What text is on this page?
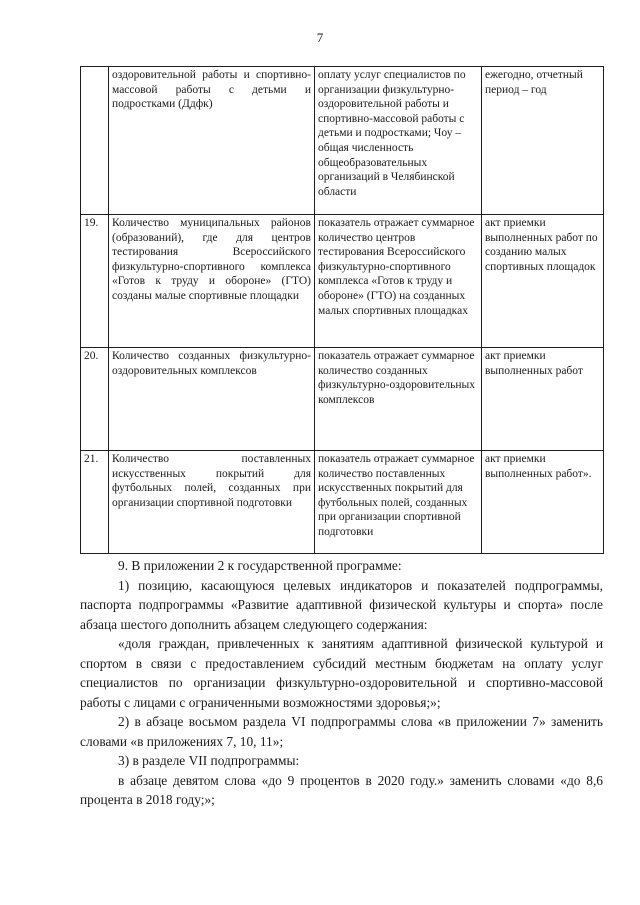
7
	оздоровительной работы и спортивно-массовой работы с детьми и подростками (Ддфк)	оплату услуг специалистов по организации физкультурно-оздоровительной работы и спортивно-массовой работы с детьми и подростками; Чоу – общая численность общеобразовательных организаций в Челябинской области	ежегодно, отчетный период – год
19.	Количество муниципальных районов (образований), где для центров тестирования Всероссийского физкультурно-спортивного комплекса «Готов к труду и обороне» (ГТО) созданы малые спортивные площадки	показатель отражает суммарное количество центров тестирования Всероссийского физкультурно-спортивного комплекса «Готов к труду и обороне» (ГТО) на созданных малых спортивных площадках	акт приемки выполненных работ по созданию малых спортивных площадок
20.	Количество созданных физкультурно-оздоровительных комплексов	показатель отражает суммарное количество созданных физкультурно-оздоровительных комплексов	акт приемки выполненных работ
21.	Количество поставленных искусственных покрытий для футбольных полей, созданных при организации спортивной подготовки	показатель отражает суммарное количество поставленных искусственных покрытий для футбольных полей, созданных при организации спортивной подготовки	акт приемки выполненных работ».

9. В приложении 2 к государственной программе:

1) позицию, касающуюся целевых индикаторов и показателей подпрограммы, паспорта подпрограммы «Развитие адаптивной физической культуры и спорта» после абзаца шестого дополнить абзацем следующего содержания:

«доля граждан, привлеченных к занятиям адаптивной физической культурой и спортом в связи с предоставлением субсидий местным бюджетам на оплату услуг специалистов по организации физкультурно-оздоровительной и спортивно-массовой работы с лицами с ограниченными возможностями здоровья;»;

2) в абзаце восьмом раздела VI подпрограммы слова «в приложении 7» заменить словами «в приложениях 7, 10, 11»;

3) в разделе VII подпрограммы:

в абзаце девятом слова «до 9 процентов в 2020 году.» заменить словами «до 8,6 процента в 2018 году;»;
